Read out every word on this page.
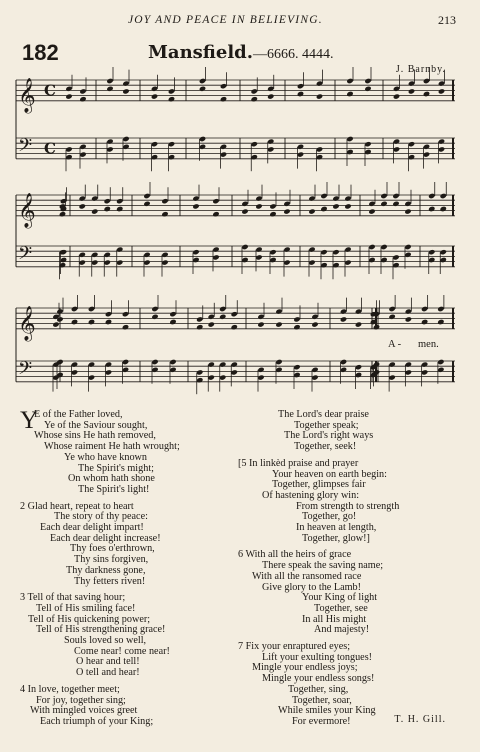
JOY AND PEACE IN BELIEVING.	213
182	Mansfield.—6666. 4444.
J. Barnby.
𝄞 C
𝄢 C
𝄞
𝄢
𝄞
𝄢
A - men.
Y
E of the Father loved,
Ye of the Saviour sought,
Whose sins He hath removed,
Whose raiment He hath wrought;
Ye who have known
The Spirit's might;
On whom hath shone
The Spirit's light!
2 Glad heart, repeat to heart
The story of thy peace:
Each dear delight impart!
Each dear delight increase!
Thy foes o'erthrown,
Thy sins forgiven,
Thy darkness gone,
Thy fetters riven!
3 Tell of that saving hour;
Tell of His smiling face!
Tell of His quickening power;
Tell of His strengthening grace!
Souls loved so well,
Come near! come near!
O hear and tell!
O tell and hear!
4 In love, together meet;
For joy, together sing;
With mingled voices greet
Each triumph of your King;
The Lord's dear praise
Together speak;
The Lord's right ways
Together, seek!
[5 In linkèd praise and prayer
Your heaven on earth begin:
Together, glimpses fair
Of hastening glory win:
From strength to strength
Together, go!
In heaven at length,
Together, glow!]
6 With all the heirs of grace
There speak the saving name;
With all the ransomed race
Give glory to the Lamb!
Your King of light
Together, see
In all His might
And majesty!
7 Fix your enraptured eyes;
Lift your exulting tongues!
Mingle your endless joys;
Mingle your endless songs!
Together, sing,
Together, soar,
While smiles your King
For evermore!	T. H. Gill.
